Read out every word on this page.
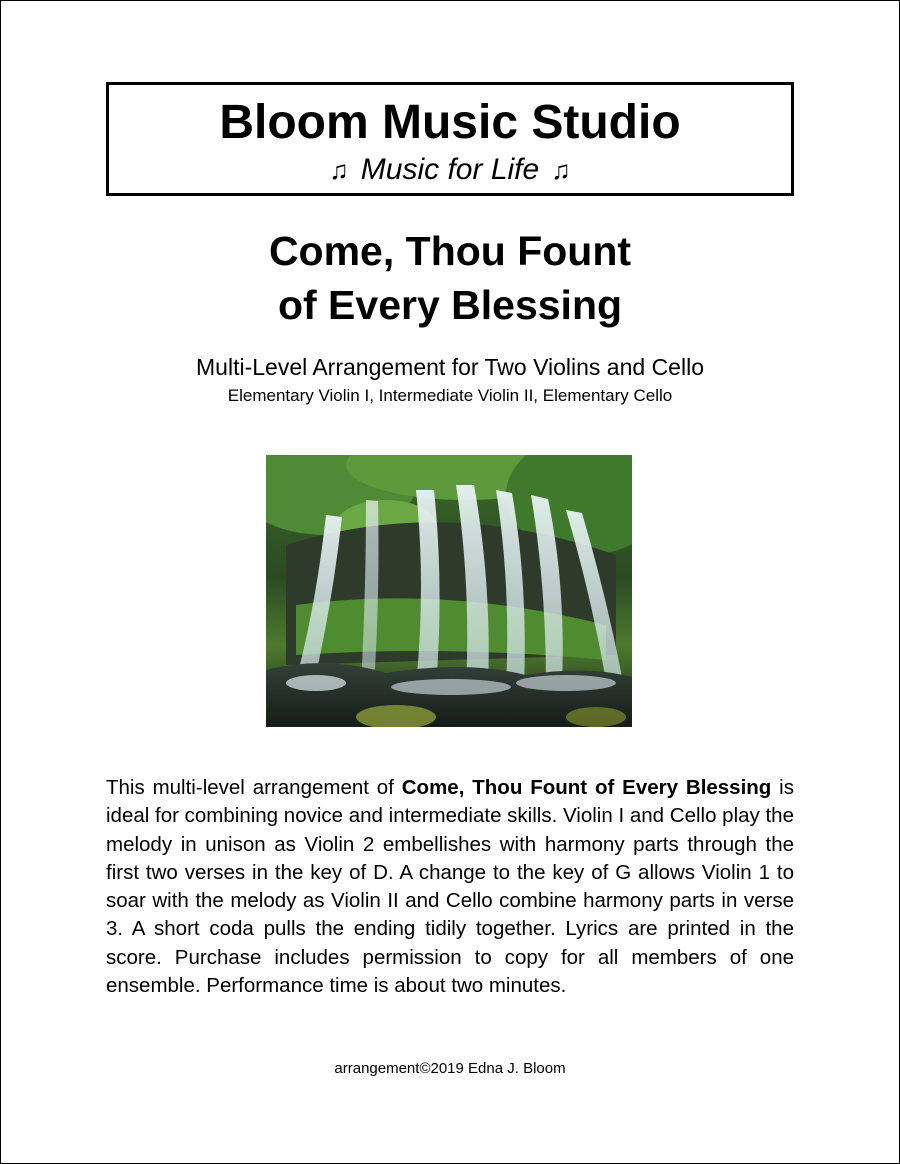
Bloom Music Studio
♫ Music for Life ♫
Come, Thou Fount
of Every Blessing
Multi-Level Arrangement for Two Violins and Cello
Elementary Violin I, Intermediate Violin II, Elementary Cello
This multi-level arrangement of Come, Thou Fount of Every Blessing is ideal for combining novice and intermediate skills. Violin I and Cello play the melody in unison as Violin 2 embellishes with harmony parts through the first two verses in the key of D. A change to the key of G allows Violin 1 to soar with the melody as Violin II and Cello combine harmony parts in verse 3. A short coda pulls the ending tidily together. Lyrics are printed in the score. Purchase includes permission to copy for all members of one ensemble. Performance time is about two minutes.
arrangement©2019 Edna J. Bloom
